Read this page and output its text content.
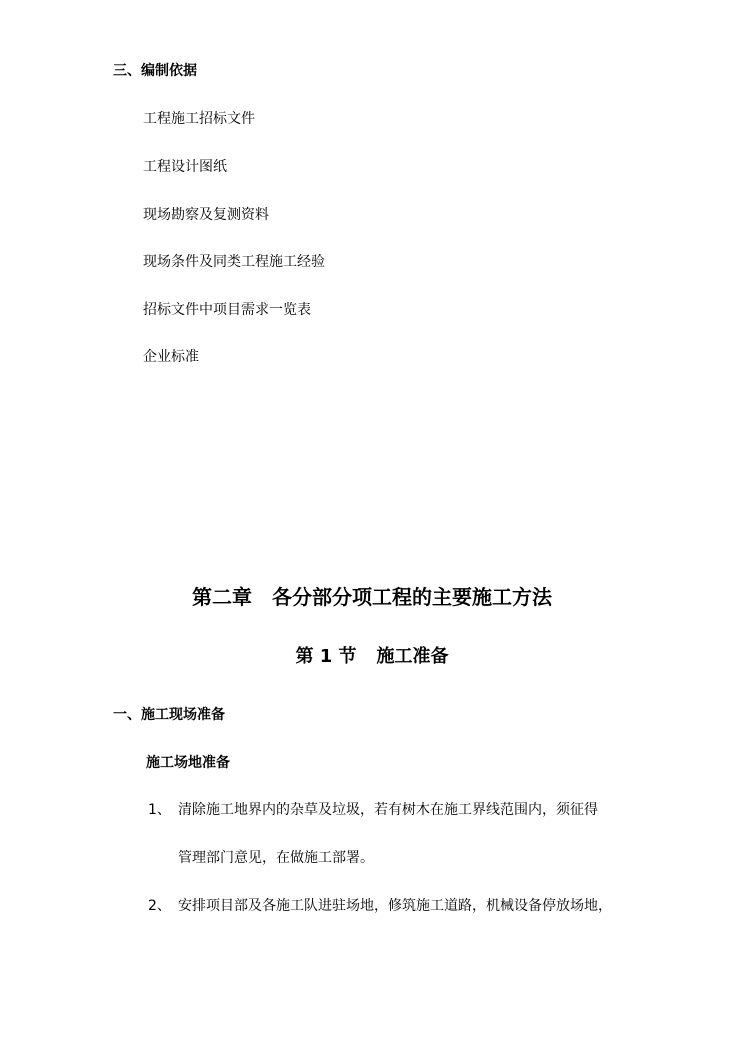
三、编制依据
工程施工招标文件
工程设计图纸
现场勘察及复测资料
现场条件及同类工程施工经验
招标文件中项目需求一览表
企业标准
第二章 各分部分项工程的主要施工方法
第 1 节 施工准备
一、施工现场准备
施工场地准备
1、 清除施工地界内的杂草及垃圾，若有树木在施工界线范围内，须征得
管理部门意见，在做施工部署。
2、 安排项目部及各施工队进驻场地，修筑施工道路，机械设备停放场地，
